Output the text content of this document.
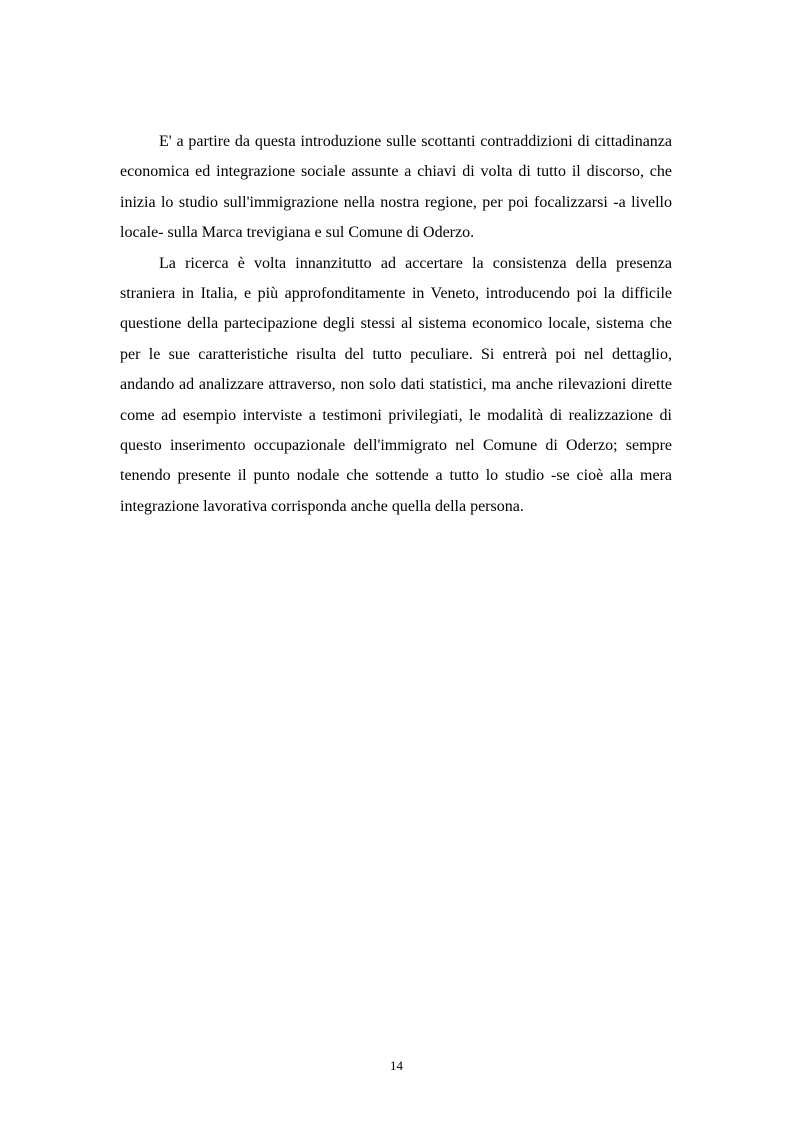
E' a partire da questa introduzione sulle scottanti contraddizioni di cittadinanza economica ed integrazione sociale assunte a chiavi di volta di tutto il discorso, che inizia lo studio sull'immigrazione nella nostra regione, per poi focalizzarsi -a livello locale- sulla Marca trevigiana e sul Comune di Oderzo.

La ricerca è volta innanzitutto ad accertare la consistenza della presenza straniera in Italia, e più approfonditamente in Veneto, introducendo poi la difficile questione della partecipazione degli stessi al sistema economico locale, sistema che per le sue caratteristiche risulta del tutto peculiare. Si entrerà poi nel dettaglio, andando ad analizzare attraverso, non solo dati statistici, ma anche rilevazioni dirette come ad esempio interviste a testimoni privilegiati, le modalità di realizzazione di questo inserimento occupazionale dell'immigrato nel Comune di Oderzo; sempre tenendo presente il punto nodale che sottende a tutto lo studio -se cioè alla mera integrazione lavorativa corrisponda anche quella della persona.

14
